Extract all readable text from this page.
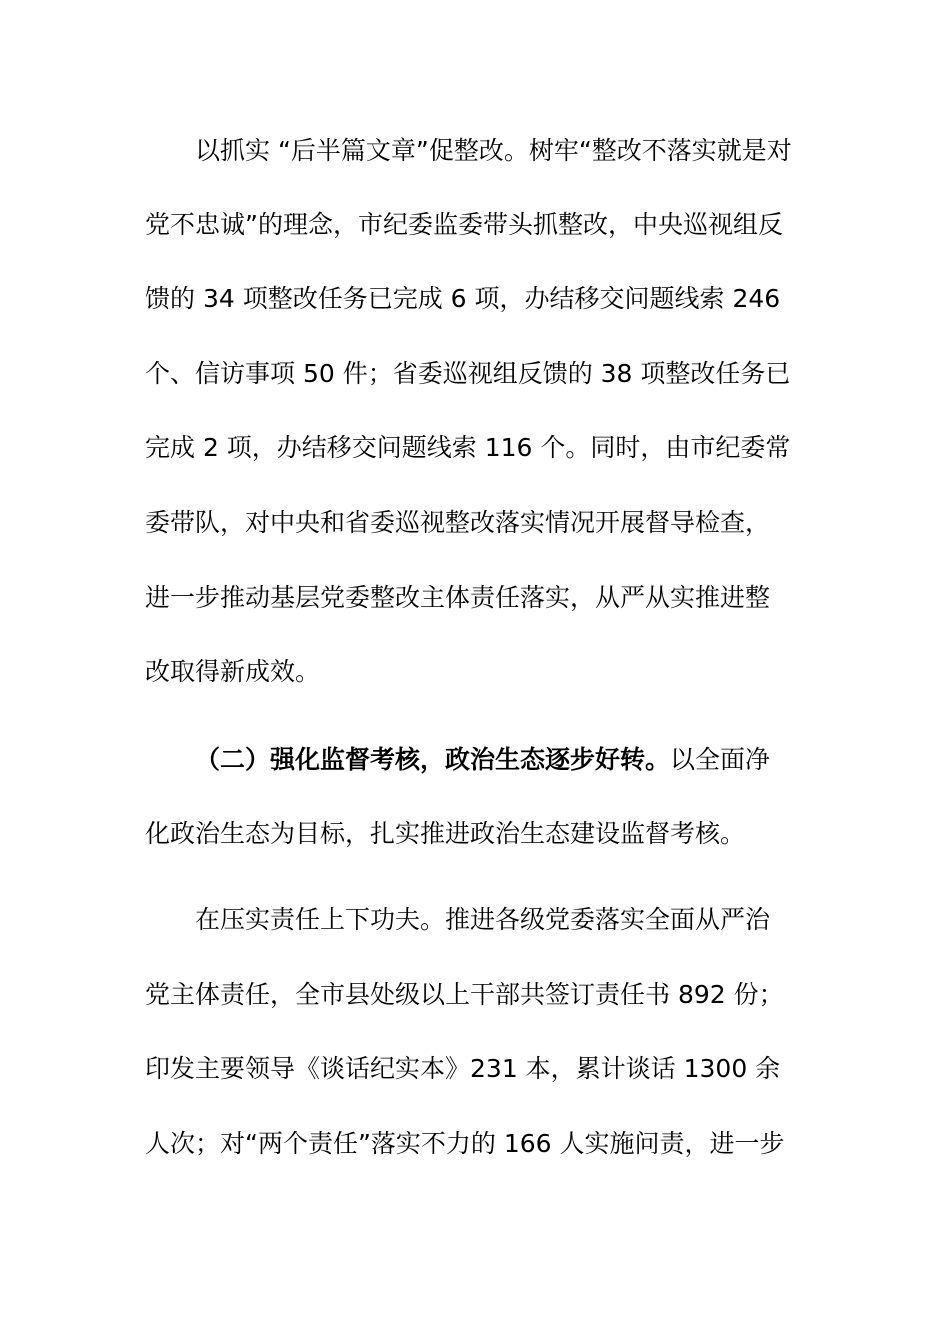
以抓实 “后半篇文章”促整改。树牢“整改不落实就是对
党不忠诚”的理念，市纪委监委带头抓整改，中央巡视组反
馈的 34 项整改任务已完成 6 项，办结移交问题线索 246
个、信访事项 50 件；省委巡视组反馈的 38 项整改任务已
完成 2 项，办结移交问题线索 116 个。同时，由市纪委常
委带队，对中央和省委巡视整改落实情况开展督导检查，
进一步推动基层党委整改主体责任落实，从严从实推进整
改取得新成效。
（二）强化监督考核，政治生态逐步好转。以全面净
化政治生态为目标，扎实推进政治生态建设监督考核。
在压实责任上下功夫。推进各级党委落实全面从严治
党主体责任，全市县处级以上干部共签订责任书 892 份；
印发主要领导《谈话纪实本》231 本，累计谈话 1300 余
人次；对“两个责任”落实不力的 166 人实施问责，进一步
